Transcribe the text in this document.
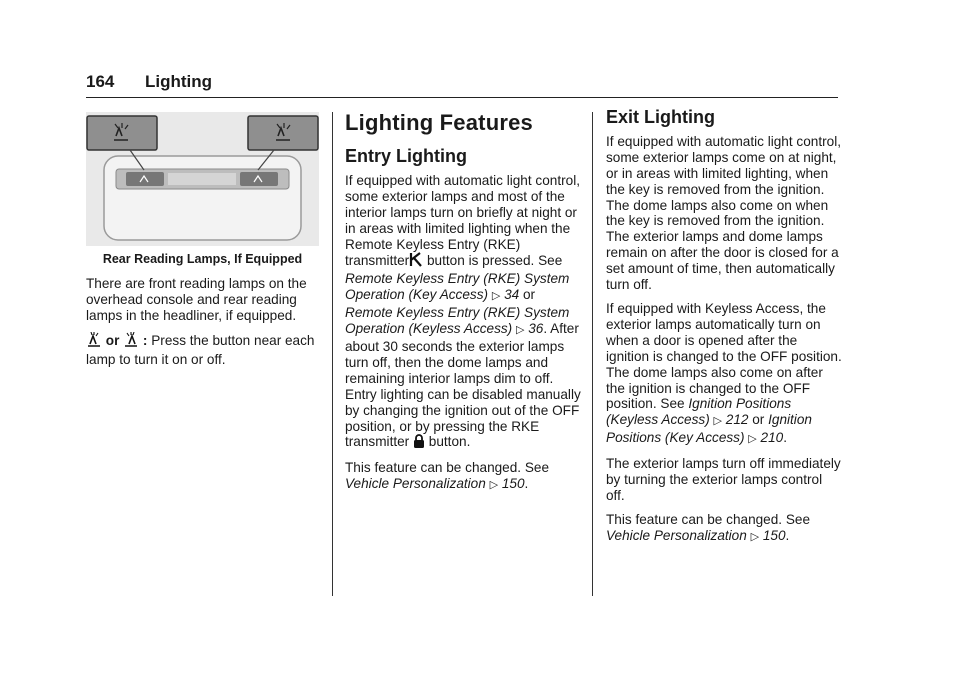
164 Lighting
Rear Reading Lamps, If Equipped

There are front reading lamps on the overhead console and rear reading lamps in the headliner, if equipped.

or  : Press the button near each lamp to turn it on or off.

Lighting Features
Entry Lighting

If equipped with automatic light control, some exterior lamps and most of the interior lamps turn on briefly at night or in areas with limited lighting when the Remote Keyless Entry (RKE) transmitter button is pressed. See Remote Keyless Entry (RKE) System Operation (Key Access) ▷ 34 or Remote Keyless Entry (RKE) System Operation (Keyless Access) ▷ 36. After about 30 seconds the exterior lamps turn off, then the dome lamps and remaining interior lamps dim to off. Entry lighting can be disabled manually by changing the ignition out of the OFF position, or by pressing the RKE transmitter  button.

This feature can be changed. See Vehicle Personalization ▷ 150.

Exit Lighting

If equipped with automatic light control, some exterior lamps come on at night, or in areas with limited lighting, when the key is removed from the ignition. The dome lamps also come on when the key is removed from the ignition. The exterior lamps and dome lamps remain on after the door is closed for a set amount of time, then automatically turn off.

If equipped with Keyless Access, the exterior lamps automatically turn on when a door is opened after the ignition is changed to the OFF position. The dome lamps also come on after the ignition is changed to the OFF position. See Ignition Positions (Keyless Access) ▷ 212 or Ignition Positions (Key Access) ▷ 210.

The exterior lamps turn off immediately by turning the exterior lamps control off.

This feature can be changed. See Vehicle Personalization ▷ 150.
